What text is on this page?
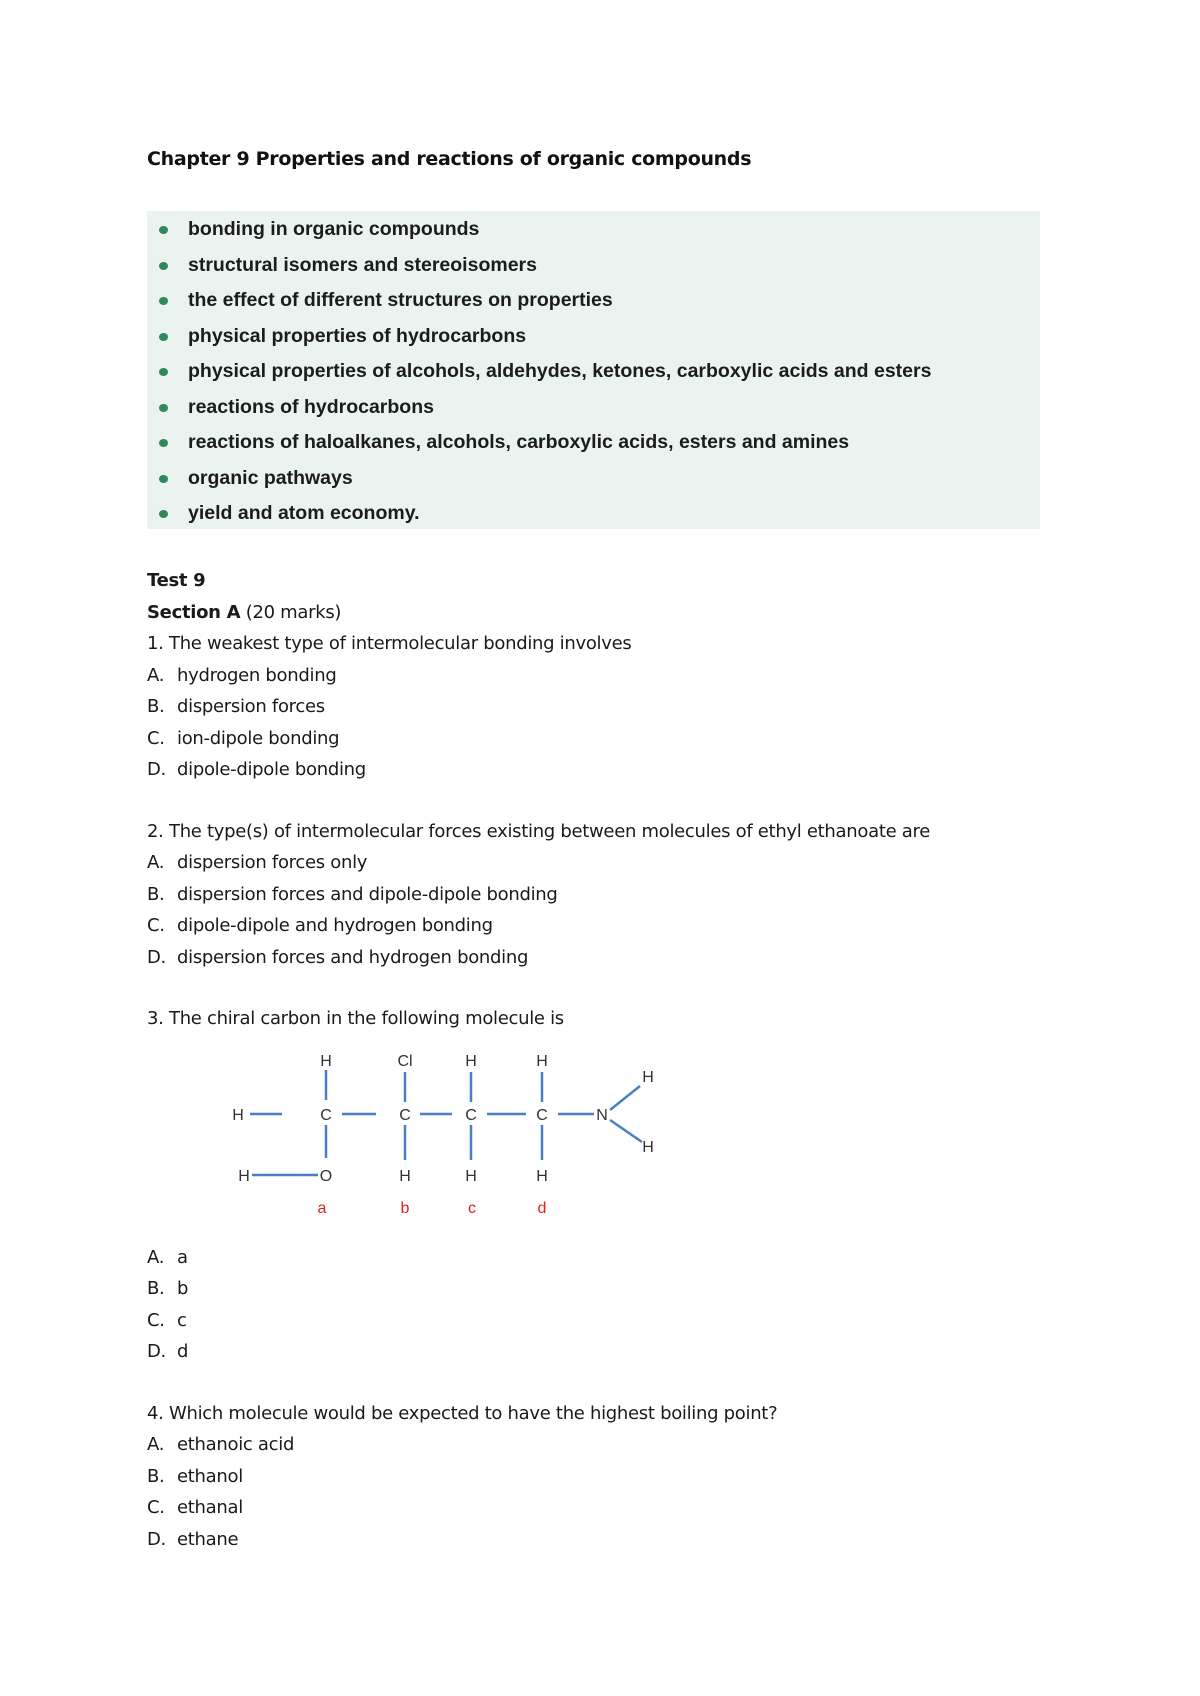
Chapter 9 Properties and reactions of organic compounds
bonding in organic compounds
structural isomers and stereoisomers
the effect of different structures on properties
physical properties of hydrocarbons
physical properties of alcohols, aldehydes, ketones, carboxylic acids and esters
reactions of hydrocarbons
reactions of haloalkanes, alcohols, carboxylic acids, esters and amines
organic pathways
yield and atom economy.
Test 9
Section A (20 marks)
1. The weakest type of intermolecular bonding involves
A. hydrogen bonding
B. dispersion forces
C. ion-dipole bonding
D. dipole-dipole bonding
2. The type(s) of intermolecular forces existing between molecules of ethyl ethanoate are
A. dispersion forces only
B. dispersion forces and dipole-dipole bonding
C. dipole-dipole and hydrogen bonding
D. dispersion forces and hydrogen bonding
3. The chiral carbon in the following molecule is
A. a
B. b
C. c
D. d
4. Which molecule would be expected to have the highest boiling point?
A. ethanoic acid
B. ethanol
C. ethanal
D. ethane
H	Cl	H	H
H	C	C	C	C	N
H
H
H	O	H	H	H
a	b	c	d
